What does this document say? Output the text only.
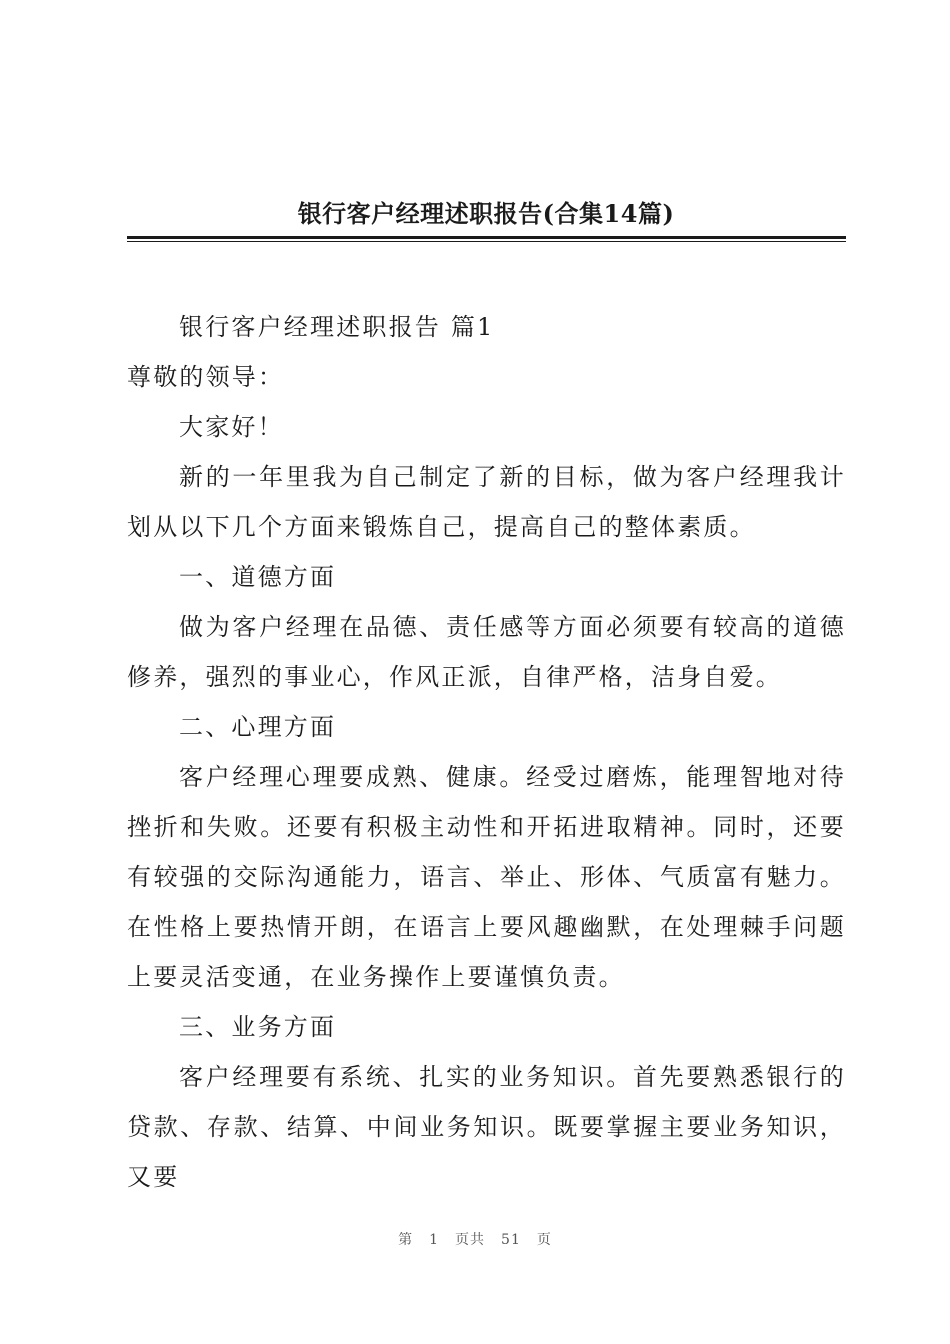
银行客户经理述职报告(合集14篇)

银行客户经理述职报告 篇1

尊敬的领导：

大家好！

新的一年里我为自己制定了新的目标，做为客户经理我计划从以下几个方面来锻炼自己，提高自己的整体素质。

一、道德方面

做为客户经理在品德、责任感等方面必须要有较高的道德修养，强烈的事业心，作风正派，自律严格，洁身自爱。

二、心理方面

客户经理心理要成熟、健康。经受过磨炼，能理智地对待挫折和失败。还要有积极主动性和开拓进取精神。同时，还要有较强的交际沟通能力，语言、举止、形体、气质富有魅力。在性格上要热情开朗，在语言上要风趣幽默，在处理棘手问题上要灵活变通，在业务操作上要谨慎负责。

三、业务方面

客户经理要有系统、扎实的业务知识。首先要熟悉银行的贷款、存款、结算、中间业务知识。既要掌握主要业务知识，又要

第 1 页共 51 页
